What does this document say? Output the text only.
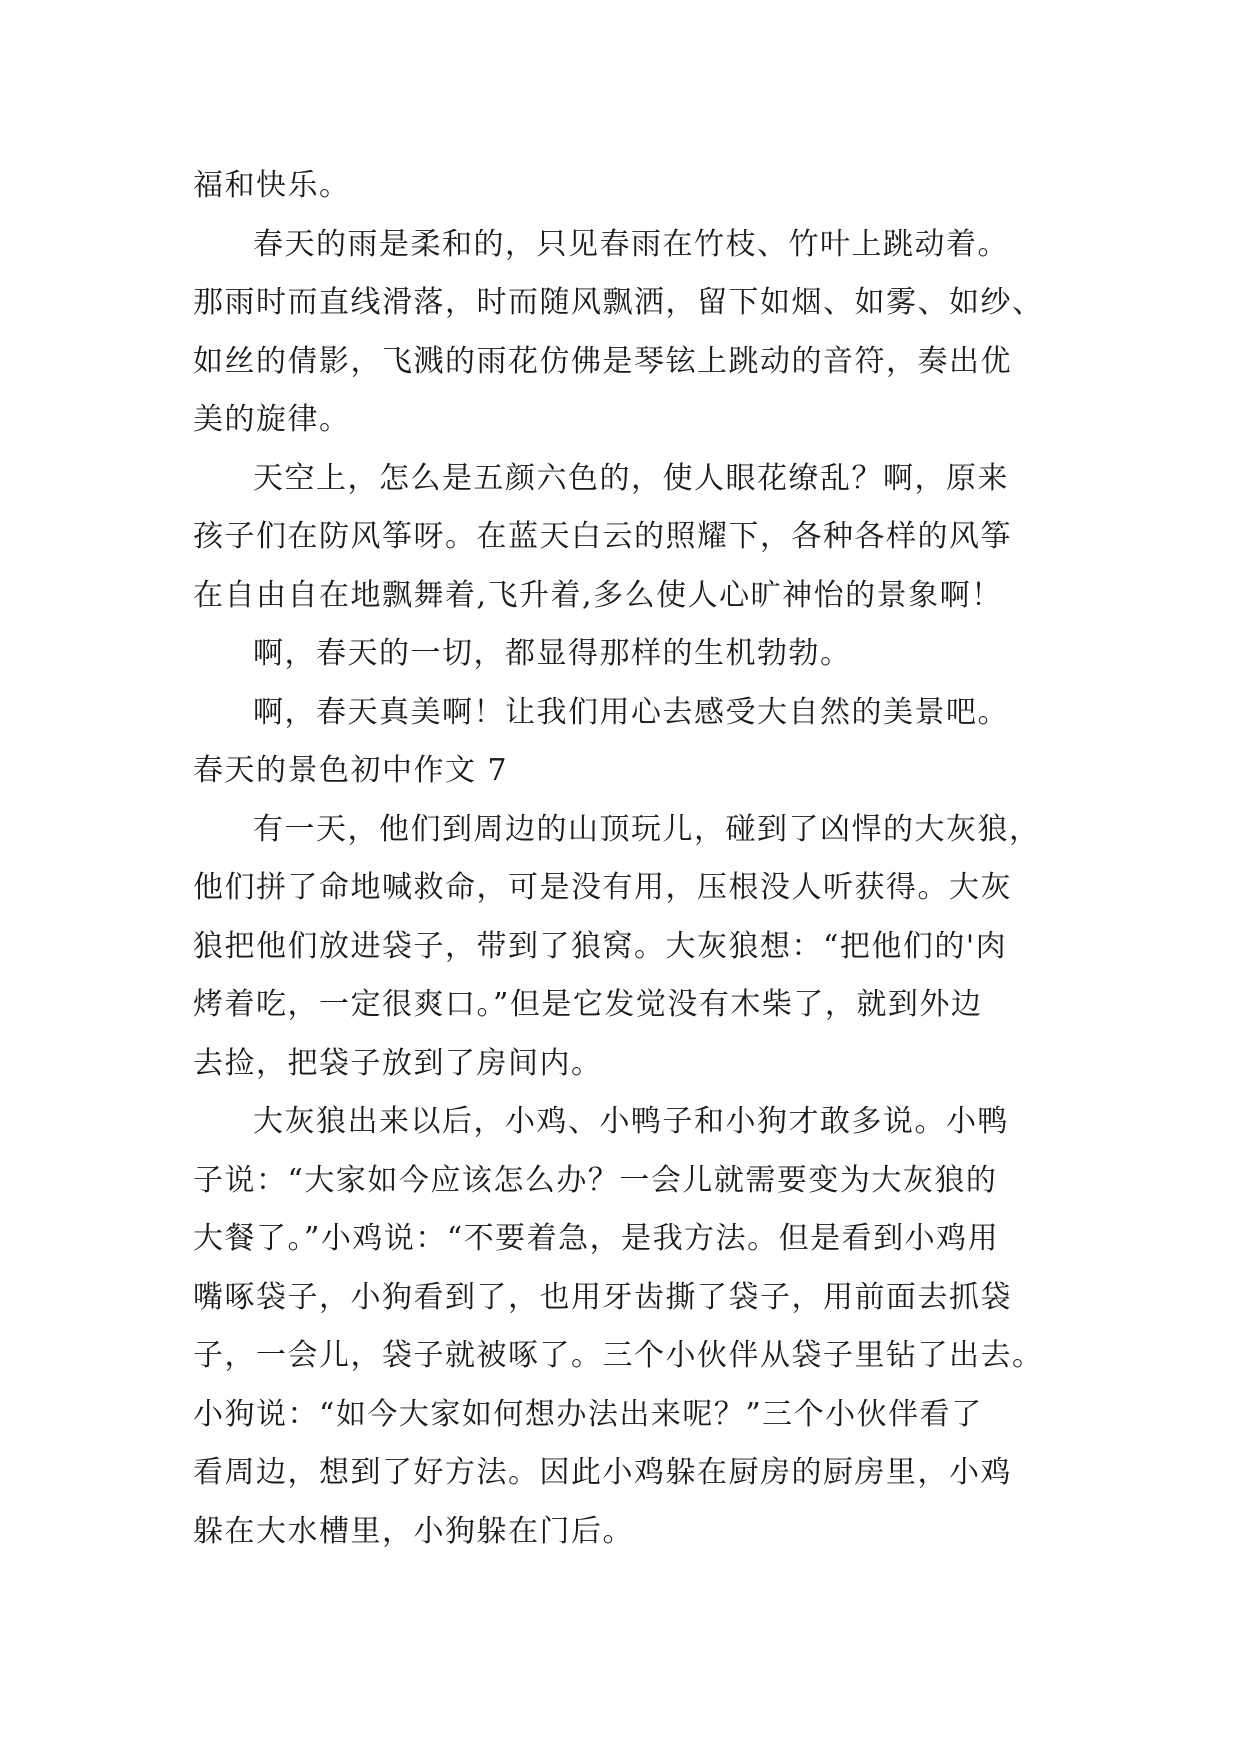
福和快乐。
春天的雨是柔和的，只见春雨在竹枝、竹叶上跳动着。
那雨时而直线滑落，时而随风飘洒，留下如烟、如雾、如纱、
如丝的倩影，飞溅的雨花仿佛是琴铉上跳动的音符，奏出优
美的旋律。
天空上，怎么是五颜六色的，使人眼花缭乱？啊，原来
孩子们在防风筝呀。在蓝天白云的照耀下，各种各样的风筝
在自由自在地飘舞着,飞升着,多么使人心旷神怡的景象啊！
啊，春天的一切，都显得那样的生机勃勃。
啊，春天真美啊！让我们用心去感受大自然的美景吧。
春天的景色初中作文 7
有一天，他们到周边的山顶玩儿，碰到了凶悍的大灰狼，
他们拼了命地喊救命，可是没有用，压根没人听获得。大灰
狼把他们放进袋子，带到了狼窝。大灰狼想：“把他们的'肉
烤着吃，一定很爽口。”但是它发觉没有木柴了，就到外边
去捡，把袋子放到了房间内。
大灰狼出来以后，小鸡、小鸭子和小狗才敢多说。小鸭
子说：“大家如今应该怎么办？一会儿就需要变为大灰狼的
大餐了。”小鸡说：“不要着急，是我方法。但是看到小鸡用
嘴啄袋子，小狗看到了，也用牙齿撕了袋子，用前面去抓袋
子，一会儿，袋子就被啄了。三个小伙伴从袋子里钻了出去。
小狗说：“如今大家如何想办法出来呢？”三个小伙伴看了
看周边，想到了好方法。因此小鸡躲在厨房的厨房里，小鸡
躲在大水槽里，小狗躲在门后。
